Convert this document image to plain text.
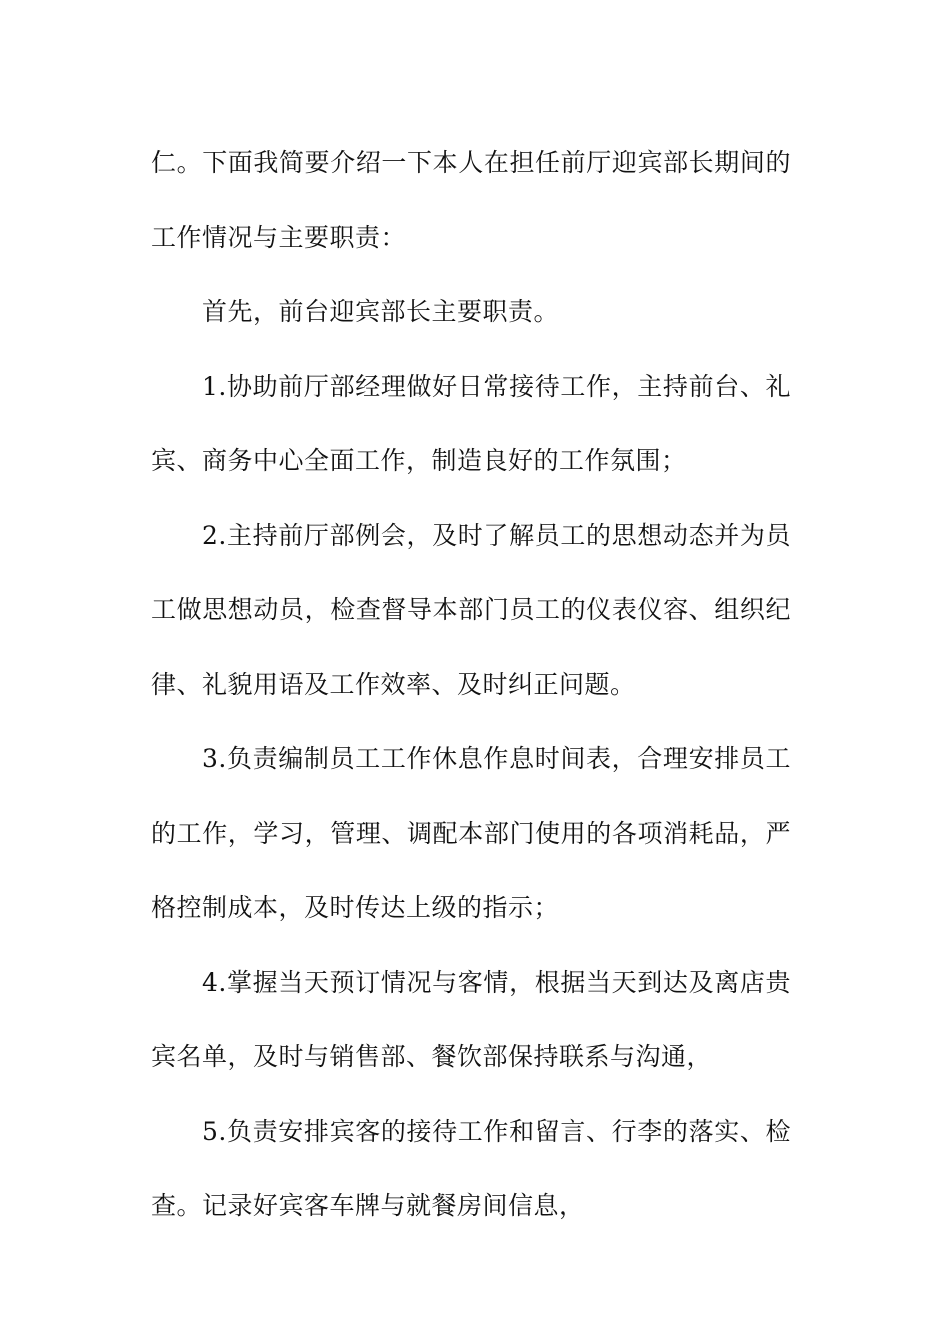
仁。下面我简要介绍一下本人在担任前厅迎宾部长期间的工作情况与主要职责：

首先，前台迎宾部长主要职责。

1.协助前厅部经理做好日常接待工作，主持前台、礼宾、商务中心全面工作，制造良好的工作氛围；

2.主持前厅部例会，及时了解员工的思想动态并为员工做思想动员，检查督导本部门员工的仪表仪容、组织纪律、礼貌用语及工作效率、及时纠正问题。

3.负责编制员工工作休息作息时间表，合理安排员工的工作，学习，管理、调配本部门使用的各项消耗品，严格控制成本，及时传达上级的指示；

4.掌握当天预订情况与客情，根据当天到达及离店贵宾名单，及时与销售部、餐饮部保持联系与沟通，

5.负责安排宾客的接待工作和留言、行李的落实、检查。记录好宾客车牌与就餐房间信息，
